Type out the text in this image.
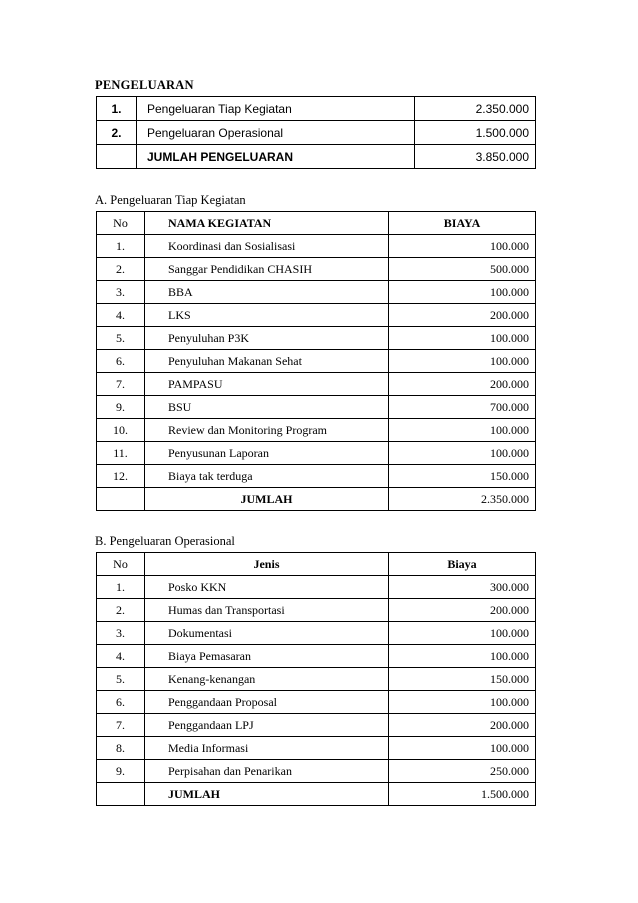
PENGELUARAN
1.	Pengeluaran Tiap Kegiatan	2.350.000
2.	Pengeluaran Operasional	1.500.000
	JUMLAH PENGELUARAN	3.850.000
A. Pengeluaran Tiap Kegiatan
No	NAMA KEGIATAN	BIAYA
1.	Koordinasi dan Sosialisasi	100.000
2.	Sanggar Pendidikan CHASIH	500.000
3.	BBA	100.000
4.	LKS	200.000
5.	Penyuluhan P3K	100.000
6.	Penyuluhan Makanan Sehat	100.000
7.	PAMPASU	200.000
9.	BSU	700.000
10.	Review dan Monitoring Program	100.000
11.	Penyusunan Laporan	100.000
12.	Biaya tak terduga	150.000
	JUMLAH	2.350.000
B. Pengeluaran Operasional
No	Jenis	Biaya
1.	Posko KKN	300.000
2.	Humas dan Transportasi	200.000
3.	Dokumentasi	100.000
4.	Biaya Pemasaran	100.000
5.	Kenang-kenangan	150.000
6.	Penggandaan Proposal	100.000
7.	Penggandaan LPJ	200.000
8.	Media Informasi	100.000
9.	Perpisahan dan Penarikan	250.000
	JUMLAH	1.500.000
